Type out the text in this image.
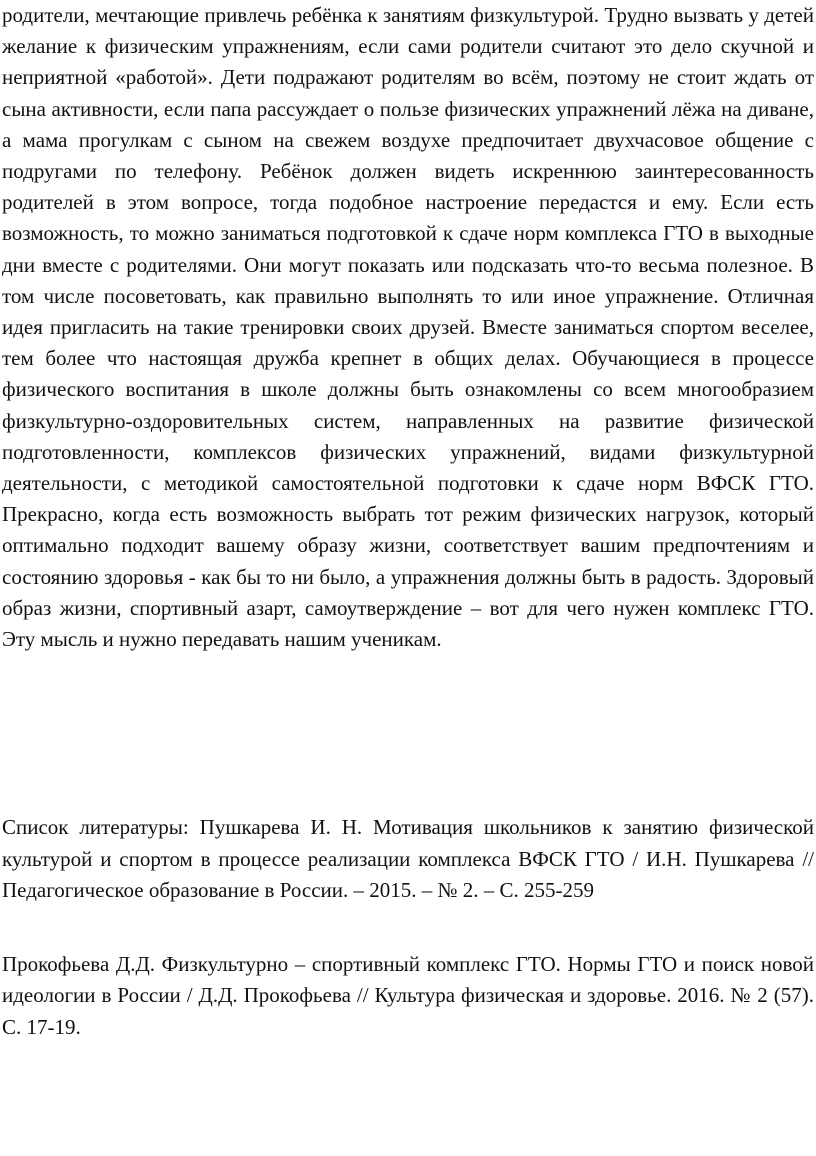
родители, мечтающие привлечь ребёнка к занятиям физкультурой. Трудно вызвать у детей желание к физическим упражнениям, если сами родители считают это дело скучной и неприятной «работой». Дети подражают родителям во всём, поэтому не стоит ждать от сына активности, если папа рассуждает о пользе физических упражнений лёжа на диване, а мама прогулкам с сыном на свежем воздухе предпочитает двухчасовое общение с подругами по телефону. Ребёнок должен видеть искреннюю заинтересованность родителей в этом вопросе, тогда подобное настроение передастся и ему. Если есть возможность, то можно заниматься подготовкой к сдаче норм комплекса ГТО в выходные дни вместе с родителями. Они могут показать или подсказать что-то весьма полезное. В том числе посоветовать, как правильно выполнять то или иное упражнение. Отличная идея пригласить на такие тренировки своих друзей. Вместе заниматься спортом веселее, тем более что настоящая дружба крепнет в общих делах. Обучающиеся в процессе физического воспитания в школе должны быть ознакомлены со всем многообразием физкультурно-оздоровительных систем, направленных на развитие физической подготовленности, комплексов физических упражнений, видами физкультурной деятельности, с методикой самостоятельной подготовки к сдаче норм ВФСК ГТО. Прекрасно, когда есть возможность выбрать тот режим физических нагрузок, который оптимально подходит вашему образу жизни, соответствует вашим предпочтениям и состоянию здоровья - как бы то ни было, а упражнения должны быть в радость. Здоровый образ жизни, спортивный азарт, самоутверждение – вот для чего нужен комплекс ГТО. Эту мысль и нужно передавать нашим ученикам.

Список литературы: Пушкарева И. Н. Мотивация школьников к занятию физической культурой и спортом в процессе реализации комплекса ВФСК ГТО / И.Н. Пушкарева // Педагогическое образование в России. – 2015. – № 2. – С. 255-259

Прокофьева Д.Д. Физкультурно – спортивный комплекс ГТО. Нормы ГТО и поиск новой идеологии в России / Д.Д. Прокофьева // Культура физическая и здоровье. 2016. № 2 (57). С. 17-19.
